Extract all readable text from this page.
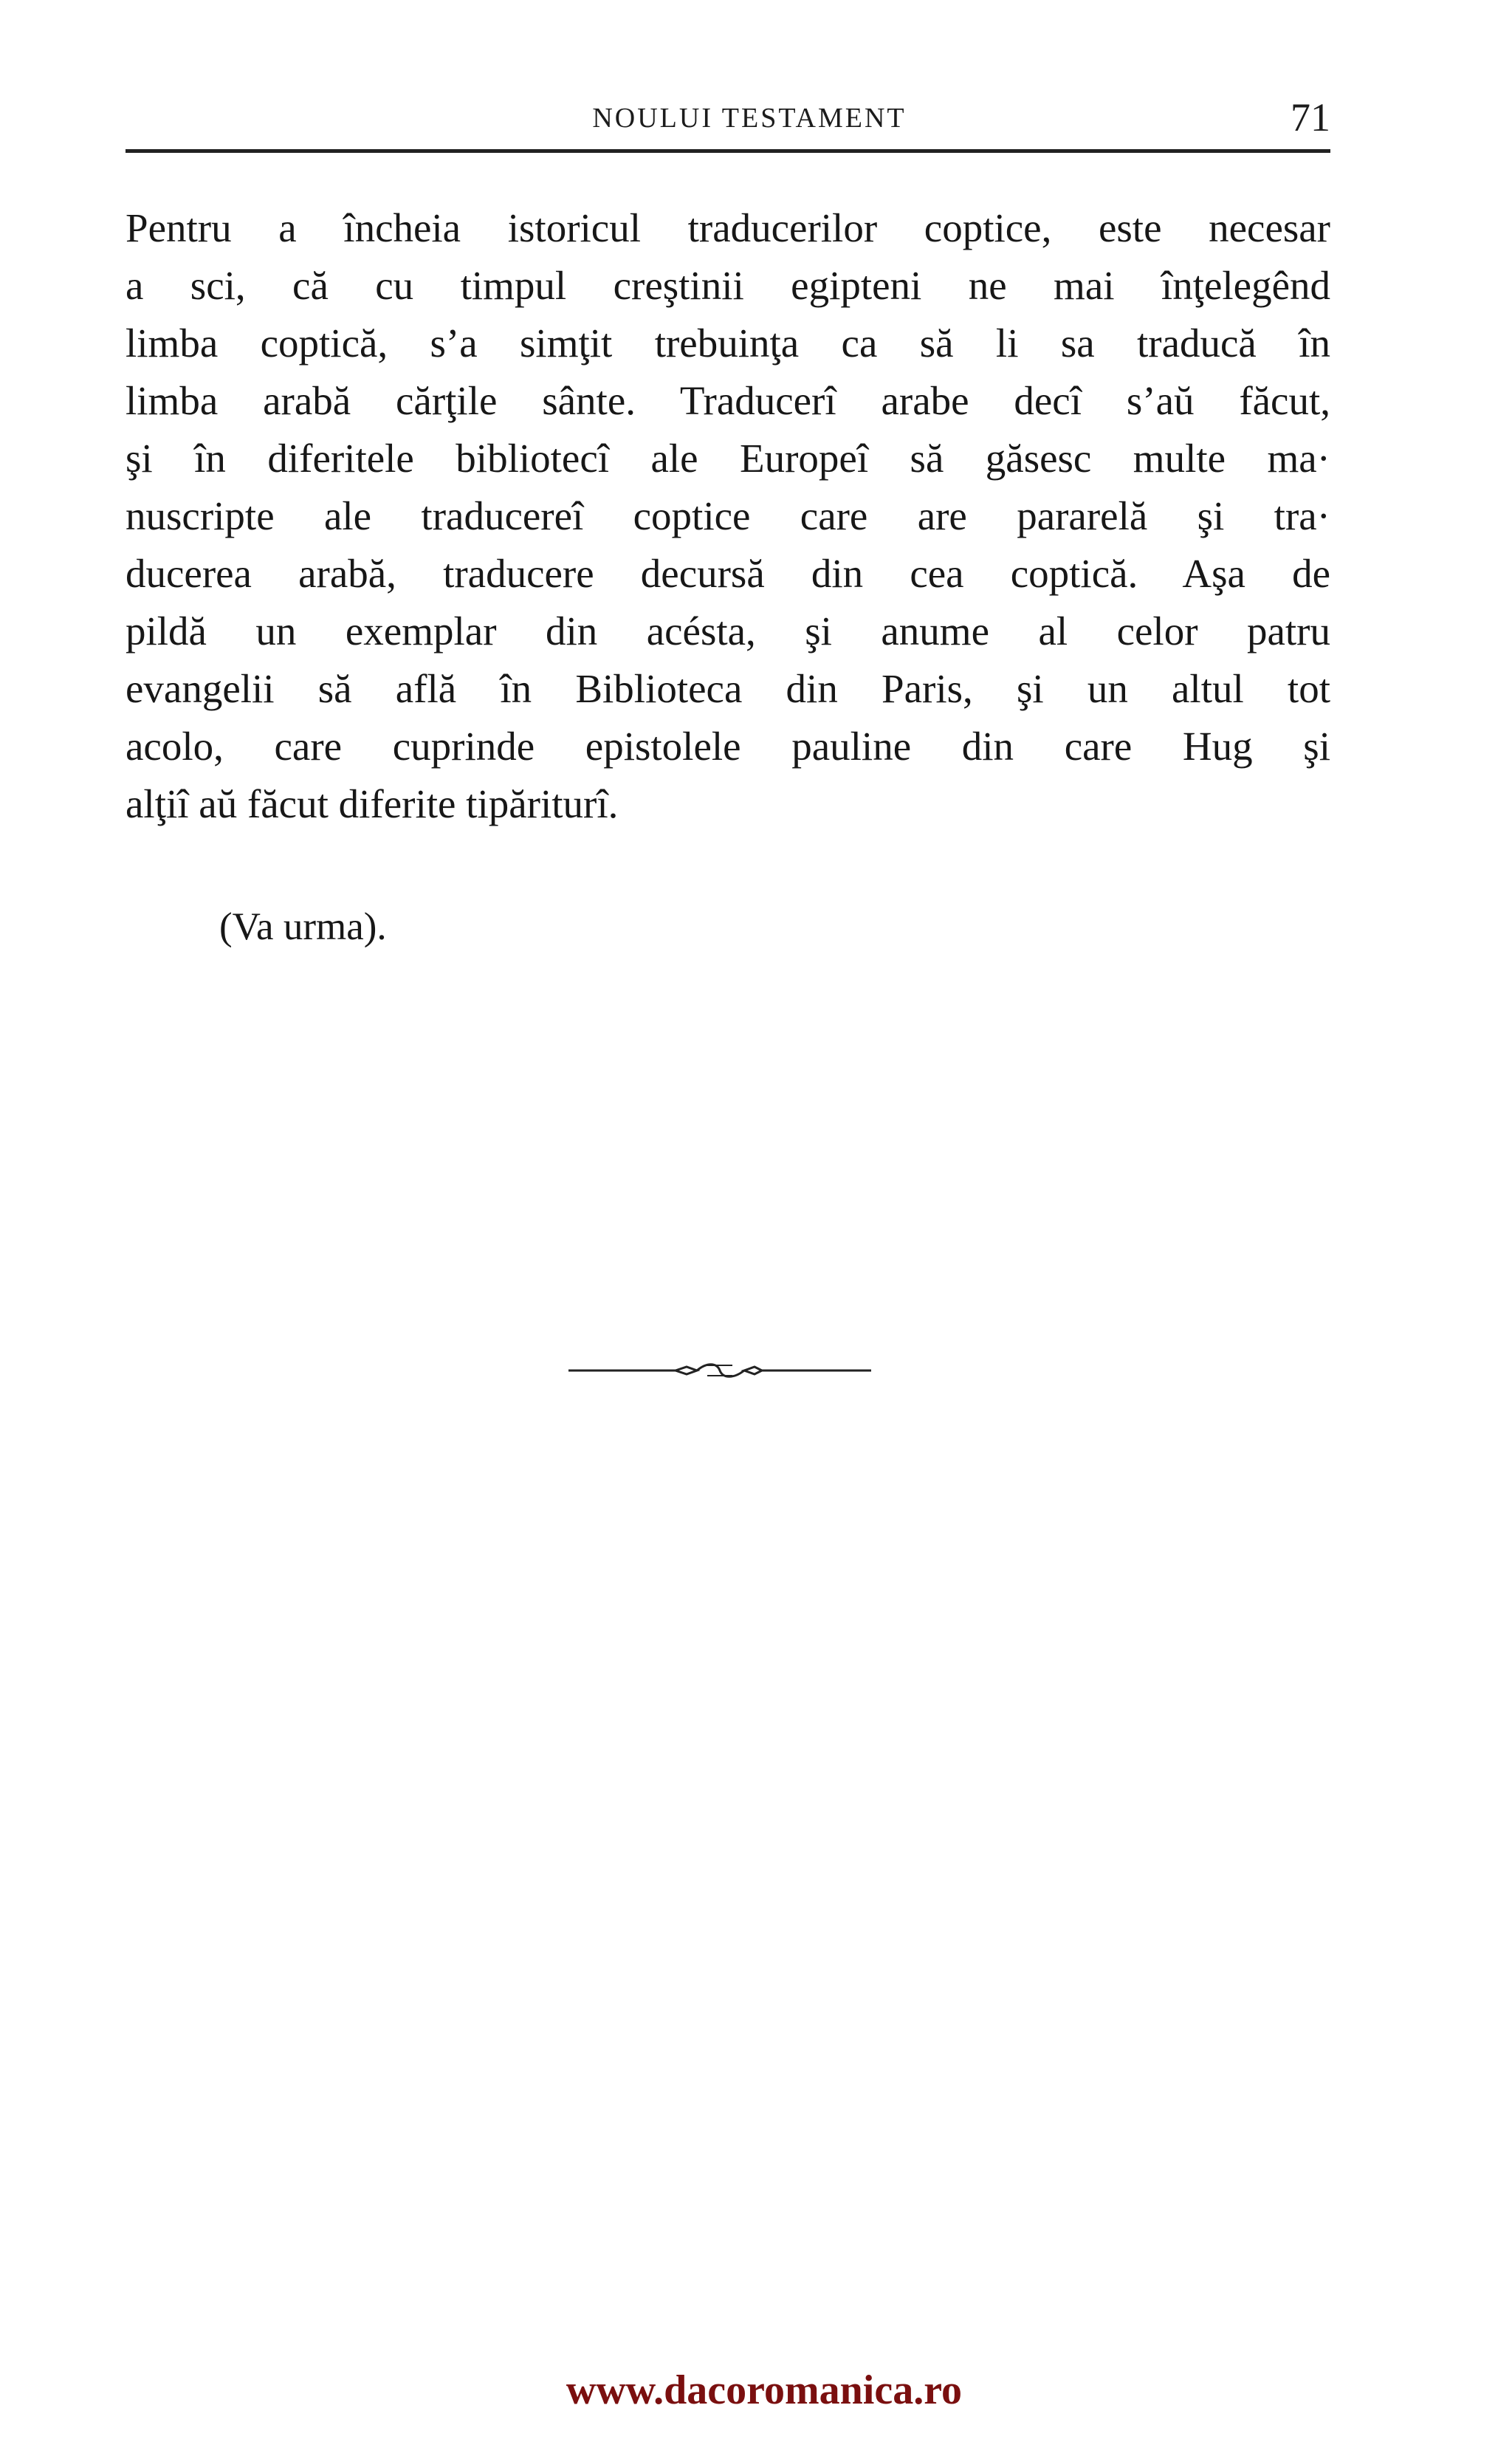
NOULUI TESTAMENT	71
Pentru a încheia istoricul traducerilor coptice, este necesar
a sci, că cu timpul creştinii egipteni ne mai înţelegênd
limba coptică, s’a simţit trebuinţa ca să li sa traducă în
limba arabă cărţile sânte. Traducerî arabe decî s’aŭ făcut,
şi în diferitele bibliotecî ale Europeî să găsesc multe ma·
nuscripte ale traducereî coptice care are pararelă şi tra·
ducerea arabă, traducere decursă din cea coptică. Aşa de
pildă un exemplar din acésta, şi anume al celor patru
evangelii să află în Biblioteca din Paris, şi un altul tot
acolo, care cuprinde epistolele pauline din care Hug şi
alţiî aŭ făcut diferite tipăriturî.
(Va urma).
www.dacoromanica.ro
